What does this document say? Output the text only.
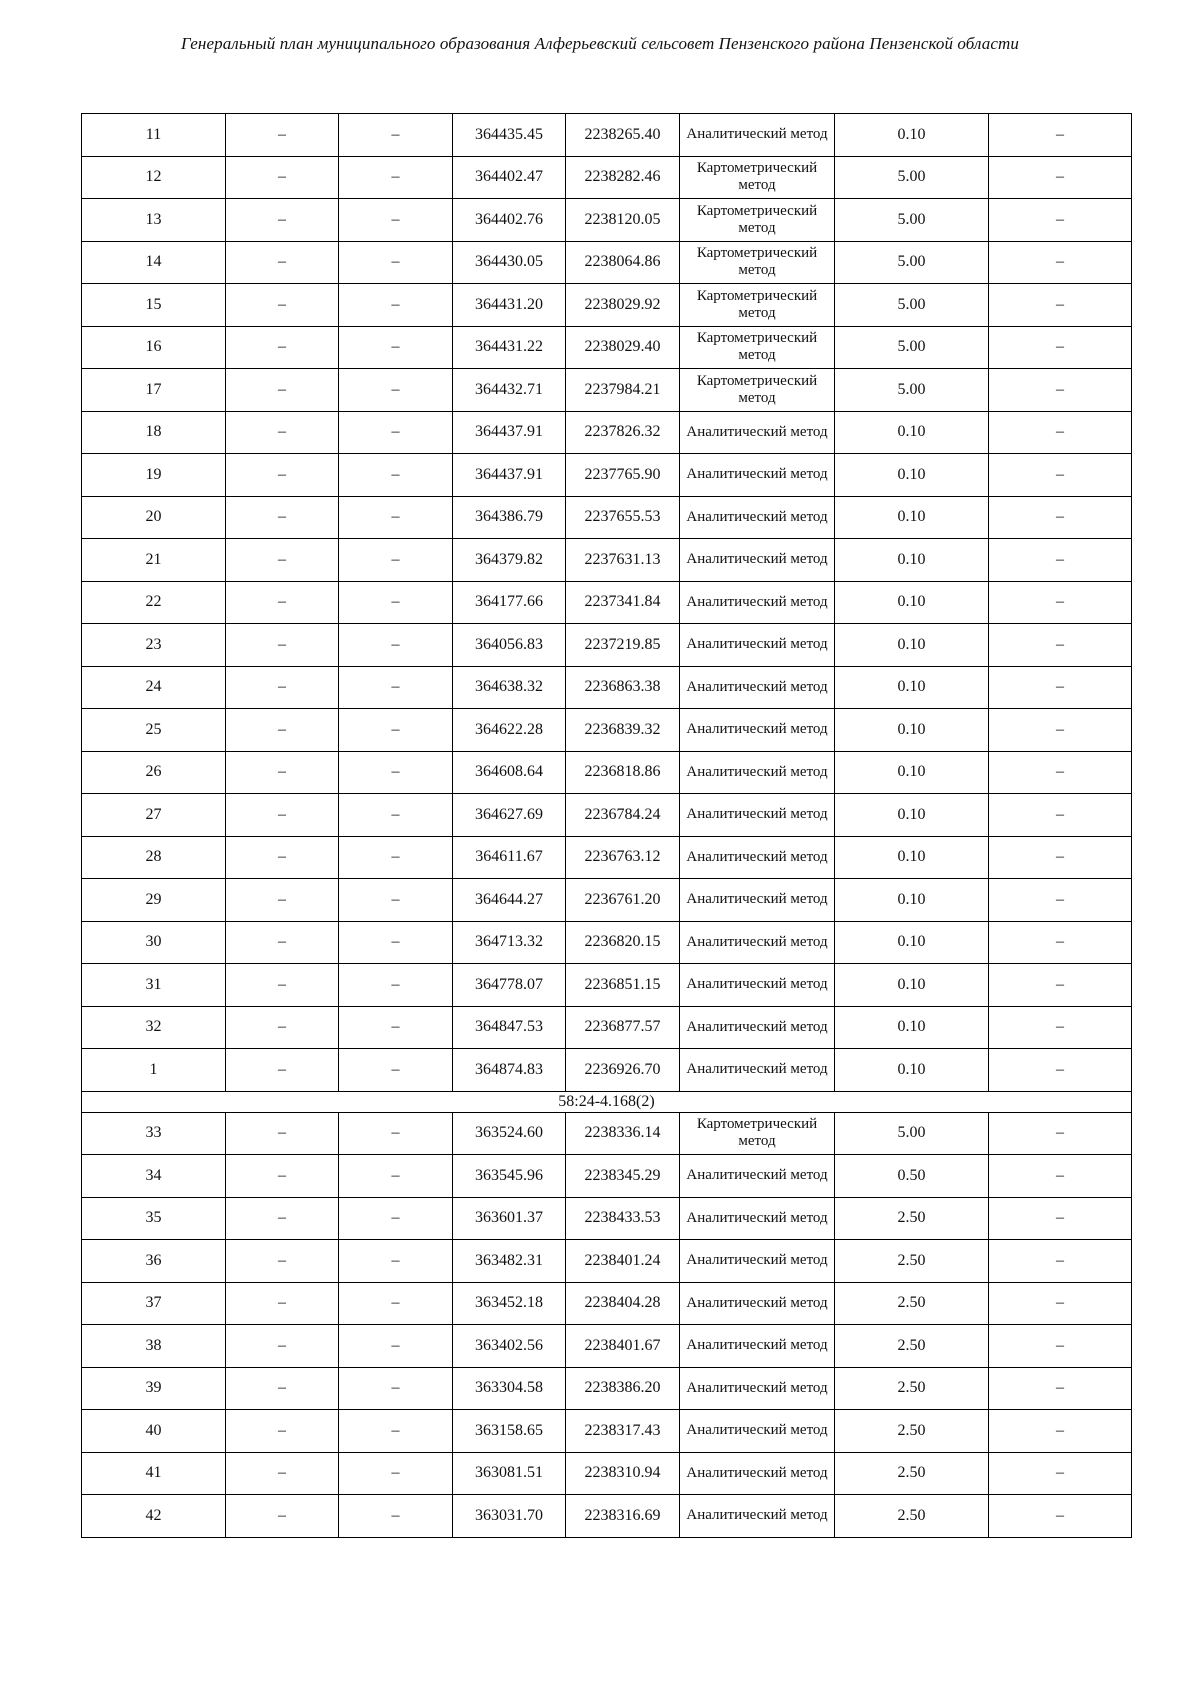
Генеральный план муниципального образования Алферьевский сельсовет Пензенского района Пензенской области
11	–	–	364435.45	2238265.40	Аналитический метод	0.10	–
12	–	–	364402.47	2238282.46	Картометрический метод	5.00	–
13	–	–	364402.76	2238120.05	Картометрический метод	5.00	–
14	–	–	364430.05	2238064.86	Картометрический метод	5.00	–
15	–	–	364431.20	2238029.92	Картометрический метод	5.00	–
16	–	–	364431.22	2238029.40	Картометрический метод	5.00	–
17	–	–	364432.71	2237984.21	Картометрический метод	5.00	–
18	–	–	364437.91	2237826.32	Аналитический метод	0.10	–
19	–	–	364437.91	2237765.90	Аналитический метод	0.10	–
20	–	–	364386.79	2237655.53	Аналитический метод	0.10	–
21	–	–	364379.82	2237631.13	Аналитический метод	0.10	–
22	–	–	364177.66	2237341.84	Аналитический метод	0.10	–
23	–	–	364056.83	2237219.85	Аналитический метод	0.10	–
24	–	–	364638.32	2236863.38	Аналитический метод	0.10	–
25	–	–	364622.28	2236839.32	Аналитический метод	0.10	–
26	–	–	364608.64	2236818.86	Аналитический метод	0.10	–
27	–	–	364627.69	2236784.24	Аналитический метод	0.10	–
28	–	–	364611.67	2236763.12	Аналитический метод	0.10	–
29	–	–	364644.27	2236761.20	Аналитический метод	0.10	–
30	–	–	364713.32	2236820.15	Аналитический метод	0.10	–
31	–	–	364778.07	2236851.15	Аналитический метод	0.10	–
32	–	–	364847.53	2236877.57	Аналитический метод	0.10	–
1	–	–	364874.83	2236926.70	Аналитический метод	0.10	–
58:24-4.168(2)							
33	–	–	363524.60	2238336.14	Картометрический метод	5.00	–
34	–	–	363545.96	2238345.29	Аналитический метод	0.50	–
35	–	–	363601.37	2238433.53	Аналитический метод	2.50	–
36	–	–	363482.31	2238401.24	Аналитический метод	2.50	–
37	–	–	363452.18	2238404.28	Аналитический метод	2.50	–
38	–	–	363402.56	2238401.67	Аналитический метод	2.50	–
39	–	–	363304.58	2238386.20	Аналитический метод	2.50	–
40	–	–	363158.65	2238317.43	Аналитический метод	2.50	–
41	–	–	363081.51	2238310.94	Аналитический метод	2.50	–
42	–	–	363031.70	2238316.69	Аналитический метод	2.50	–
